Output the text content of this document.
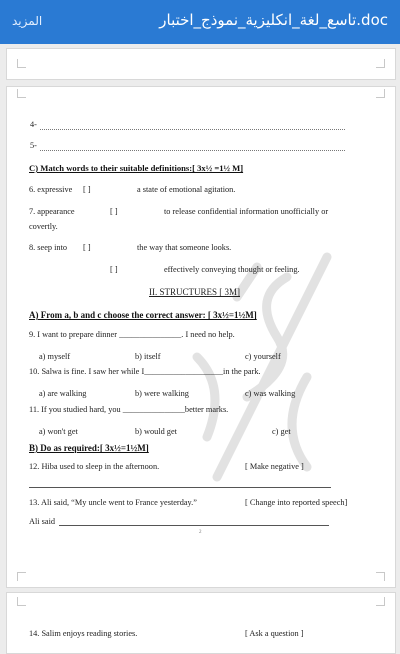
المزيد	تاسع_لغة_انكليزية_نموذج_اختبار.doc
4-
5-
C) Match words to their suitable definitions:[ 3x½ =1½ M]
6. expressive [ ]	a state of emotional agitation.
7. appearance	[ ]	to release confidential information unofficially or
covertly.
8. seep into [ ]	the way that someone looks.
[ ]	effectively conveying thought or feeling.
II. STRUCTURES [ 3M]
A) From a, b and c choose the correct answer: [ 3x½=1½M]
9. I want to prepare dinner _______________. I need no help.
a) myself	b) itself	c) yourself
10. Salwa is fine. I saw her while I___________________in the park.
a) are walking	b) were walking	c) was walking
11. If you studied hard, you _______________better marks.
a) won't get	b) would get	c) get
B) Do as required:[ 3x½=1½M]
12. Hiba used to sleep in the afternoon.	[ Make negative ]
13. Ali said, “My uncle went to France yesterday.”	[ Change into reported speech]
Ali said
2
14. Salim enjoys reading stories.	[ Ask a question ]
